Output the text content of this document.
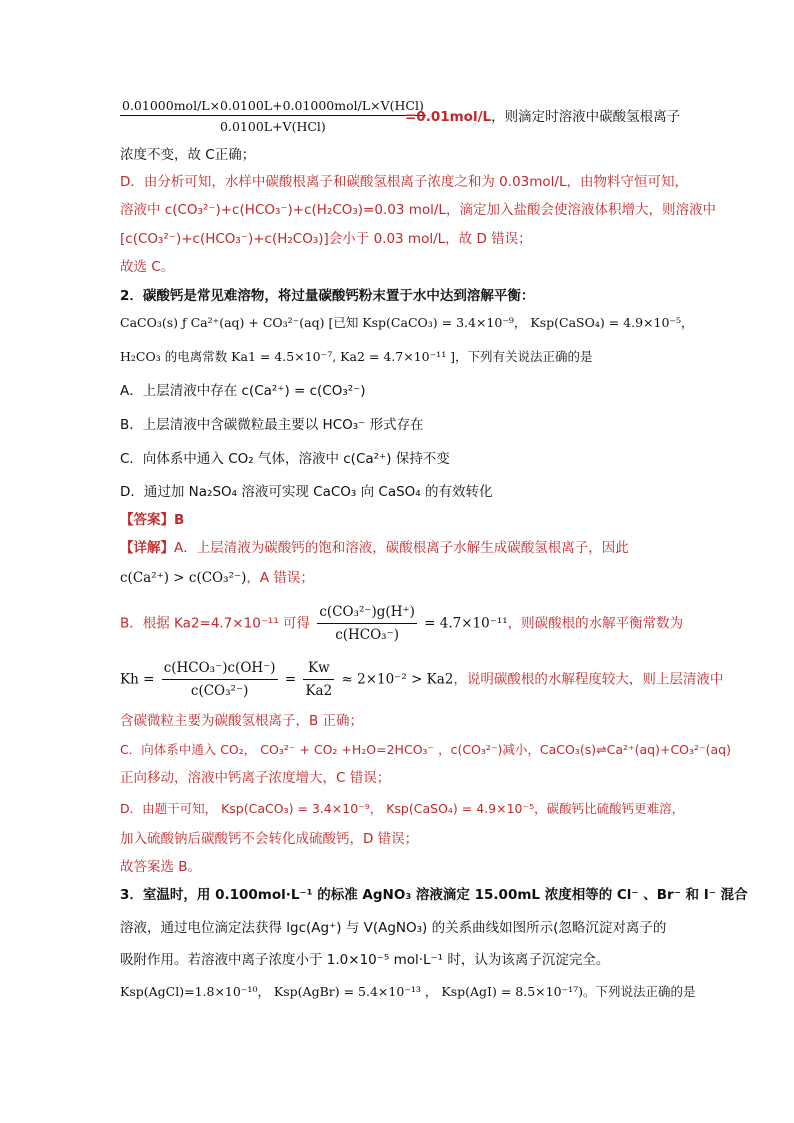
0.01000mol/L×0.0100L+0.01000mol/L×V(HCl)
0.0100L+V(HCl)
=0.01mol/L，则滴定时溶液中碳酸氢根离子
浓度不变，故 C正确；
D．由分析可知，水样中碳酸根离子和碳酸氢根离子浓度之和为 0.03mol/L，由物料守恒可知，
溶液中 c(CO₃²⁻)+c(HCO₃⁻)+c(H₂CO₃)=0.03 mol/L，滴定加入盐酸会使溶液体积增大，则溶液中
[c(CO₃²⁻)+c(HCO₃⁻)+c(H₂CO₃)]会小于 0.03 mol/L，故 D 错误；
故选 C。
2．碳酸钙是常见难溶物，将过量碳酸钙粉末置于水中达到溶解平衡：
CaCO₃(s) ƒ Ca²⁺(aq) + CO₃²⁻(aq) [已知 Ksp(CaCO₃) = 3.4×10⁻⁹， Ksp(CaSO₄) = 4.9×10⁻⁵，
H₂CO₃ 的电离常数 Ka1 = 4.5×10⁻⁷, Ka2 = 4.7×10⁻¹¹ ]，下列有关说法正确的是
A．上层清液中存在 c(Ca²⁺) = c(CO₃²⁻)
B．上层清液中含碳微粒最主要以 HCO₃⁻ 形式存在
C．向体系中通入 CO₂ 气体，溶液中 c(Ca²⁺) 保持不变
D．通过加 Na₂SO₄ 溶液可实现 CaCO₃ 向 CaSO₄ 的有效转化
【答案】B
【详解】A．上层清液为碳酸钙的饱和溶液，碳酸根离子水解生成碳酸氢根离子，因此
c(Ca²⁺) > c(CO₃²⁻)，A 错误；
B．根据 Ka2=4.7×10⁻¹¹ 可得 $\frac{\text{c(CO₃²⁻)g(H⁺)}}{\text{c(HCO₃⁻)}} = 4.7\times 10^{-11}$，则碳酸根的水解平衡常数为
$Kh = \frac{\text{c(HCO₃⁻)c(OH⁻)}}{\text{c(CO₃²⁻)}} = \frac{Kw}{Ka2} \approx 2\times 10^{-2} > Ka2$，说明碳酸根的水解程度较大，则上层清液中
含碳微粒主要为碳酸氢根离子，B 正确；
C．向体系中通入 CO₂， CO₃²⁻ + CO₂ +H₂O=2HCO₃⁻ ，c(CO₃²⁻)减小，CaCO₃(s)⇌Ca²⁺(aq)+CO₃²⁻(aq)
正向移动，溶液中钙离子浓度增大，C 错误；
D．由题干可知， Ksp(CaCO₃) = 3.4×10⁻⁹， Ksp(CaSO₄) = 4.9×10⁻⁵，碳酸钙比硫酸钙更难溶，
加入硫酸钠后碳酸钙不会转化成硫酸钙，D 错误；
故答案选 B。
3．室温时，用 0.100mol·L⁻¹ 的标准 AgNO₃ 溶液滴定 15.00mL 浓度相等的 Cl⁻ 、Br⁻ 和 I⁻ 混合
溶液，通过电位滴定法获得 lgc(Ag⁺) 与 V(AgNO₃) 的关系曲线如图所示(忽略沉淀对离子的
吸附作用。若溶液中离子浓度小于 1.0×10⁻⁵ mol·L⁻¹ 时，认为该离子沉淀完全。
Ksp(AgCl)=1.8×10⁻¹⁰， Ksp(AgBr) = 5.4×10⁻¹³ ， Ksp(AgI) = 8.5×10⁻¹⁷)。下列说法正确的是
